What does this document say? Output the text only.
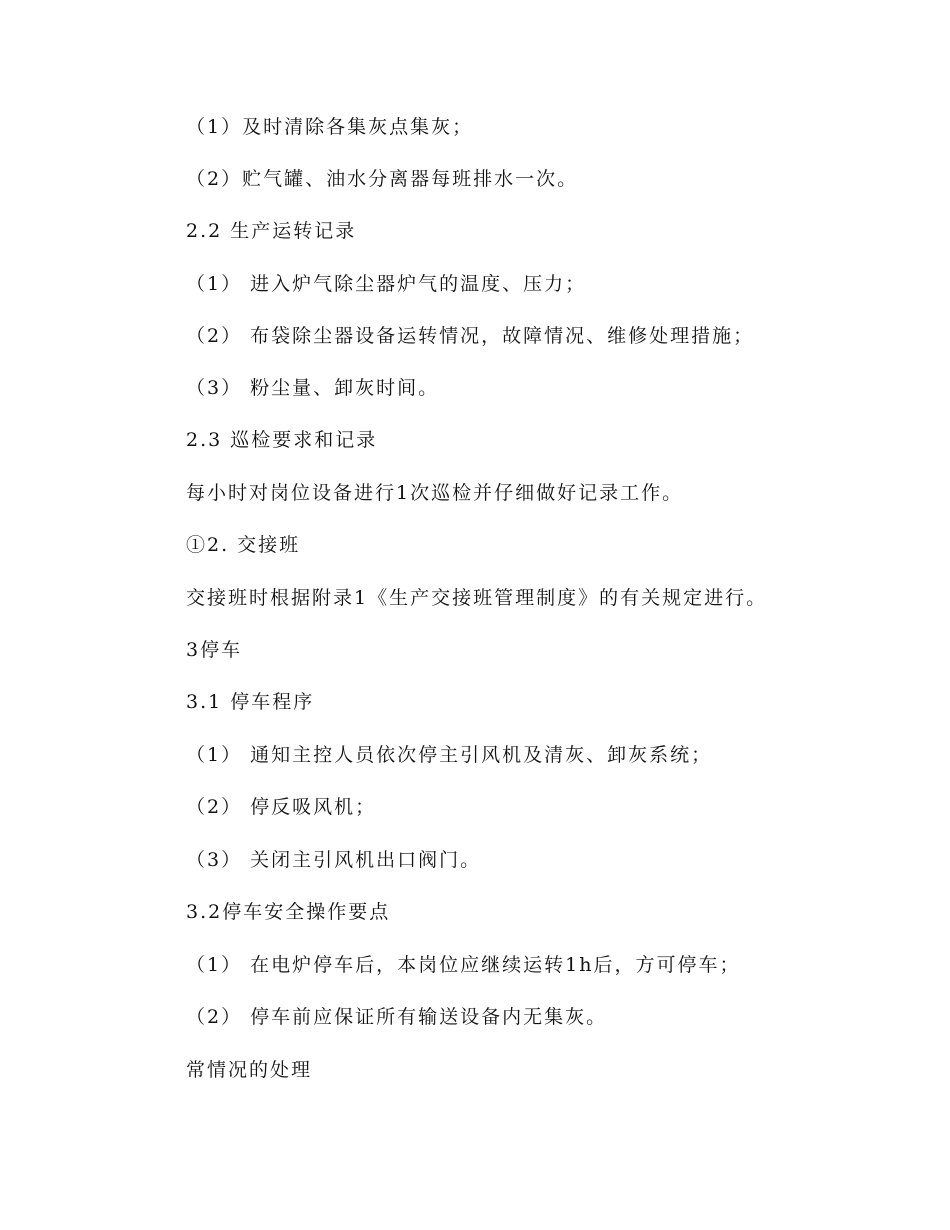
（1）及时清除各集灰点集灰；
（2）贮气罐、油水分离器每班排水一次。
2.2 生产运转记录
（1） 进入炉气除尘器炉气的温度、压力；
（2） 布袋除尘器设备运转情况，故障情况、维修处理措施；
（3） 粉尘量、卸灰时间。
2.3 巡检要求和记录
每小时对岗位设备进行1次巡检并仔细做好记录工作。
①2. 交接班
交接班时根据附录1《生产交接班管理制度》的有关规定进行。
3停车
3.1 停车程序
（1） 通知主控人员依次停主引风机及清灰、卸灰系统；
（2） 停反吸风机；
（3） 关闭主引风机出口阀门。
3.2停车安全操作要点
（1） 在电炉停车后，本岗位应继续运转1h后，方可停车；
（2） 停车前应保证所有输送设备内无集灰。
常情况的处理
